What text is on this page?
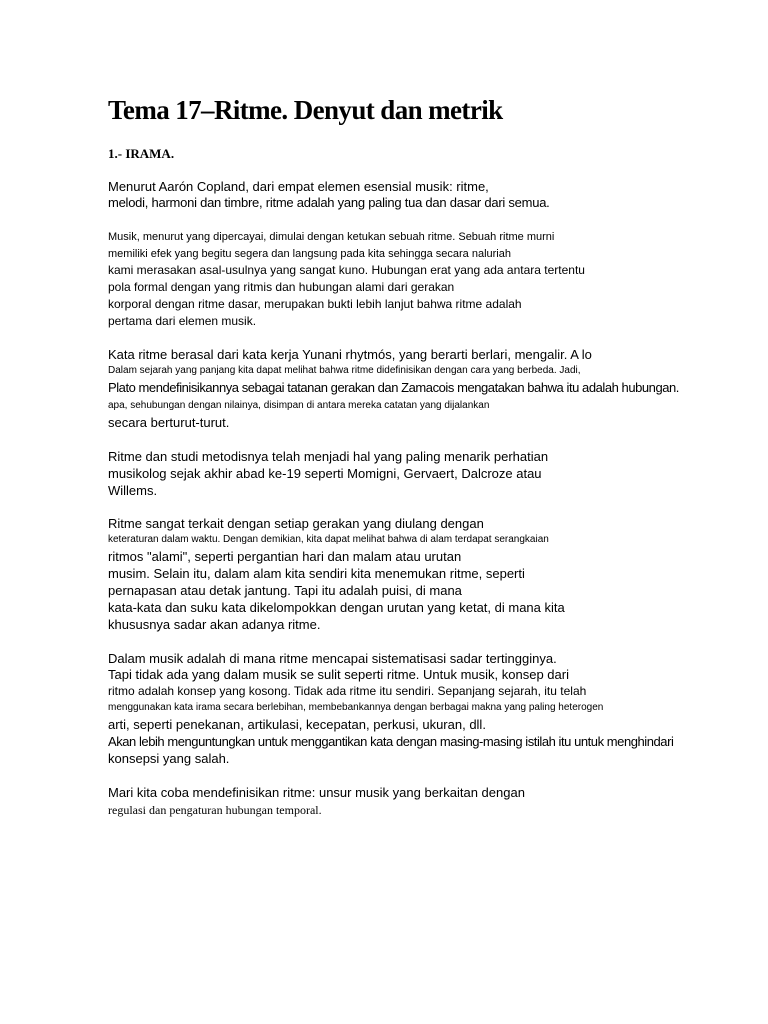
Tema 17–Ritme. Denyut dan metrik
1.- IRAMA.

Menurut Aarón Copland, dari empat elemen esensial musik: ritme,

melodi, harmoni dan timbre, ritme adalah yang paling tua dan dasar dari semua.

Musik, menurut yang dipercayai, dimulai dengan ketukan sebuah ritme. Sebuah ritme murni

memiliki efek yang begitu segera dan langsung pada kita sehingga secara naluriah

kami merasakan asal-usulnya yang sangat kuno. Hubungan erat yang ada antara tertentu

pola formal dengan yang ritmis dan hubungan alami dari gerakan

korporal dengan ritme dasar, merupakan bukti lebih lanjut bahwa ritme adalah

pertama dari elemen musik.

Kata ritme berasal dari kata kerja Yunani rhytmós, yang berarti berlari, mengalir. A lo

Dalam sejarah yang panjang kita dapat melihat bahwa ritme didefinisikan dengan cara yang berbeda. Jadi,

Plato mendefinisikannya sebagai tatanan gerakan dan Zamacois mengatakan bahwa itu adalah hubungan.

apa, sehubungan dengan nilainya, disimpan di antara mereka catatan yang dijalankan

secara berturut-turut.

Ritme dan studi metodisnya telah menjadi hal yang paling menarik perhatian

musikolog sejak akhir abad ke-19 seperti Momigni, Gervaert, Dalcroze atau

Willems.

Ritme sangat terkait dengan setiap gerakan yang diulang dengan

keteraturan dalam waktu. Dengan demikian, kita dapat melihat bahwa di alam terdapat serangkaian

ritmos "alami", seperti pergantian hari dan malam atau urutan

musim. Selain itu, dalam alam kita sendiri kita menemukan ritme, seperti

pernapasan atau detak jantung. Tapi itu adalah puisi, di mana

kata-kata dan suku kata dikelompokkan dengan urutan yang ketat, di mana kita

khususnya sadar akan adanya ritme.

Dalam musik adalah di mana ritme mencapai sistematisasi sadar tertingginya.

Tapi tidak ada yang dalam musik se sulit seperti ritme. Untuk musik, konsep dari

ritmo adalah konsep yang kosong. Tidak ada ritme itu sendiri. Sepanjang sejarah, itu telah

menggunakan kata irama secara berlebihan, membebankannya dengan berbagai makna yang paling heterogen

arti, seperti penekanan, artikulasi, kecepatan, perkusi, ukuran, dll.

Akan lebih menguntungkan untuk menggantikan kata dengan masing-masing istilah itu untuk menghindari

konsepsi yang salah.

Mari kita coba mendefinisikan ritme: unsur musik yang berkaitan dengan

regulasi dan pengaturan hubungan temporal.
